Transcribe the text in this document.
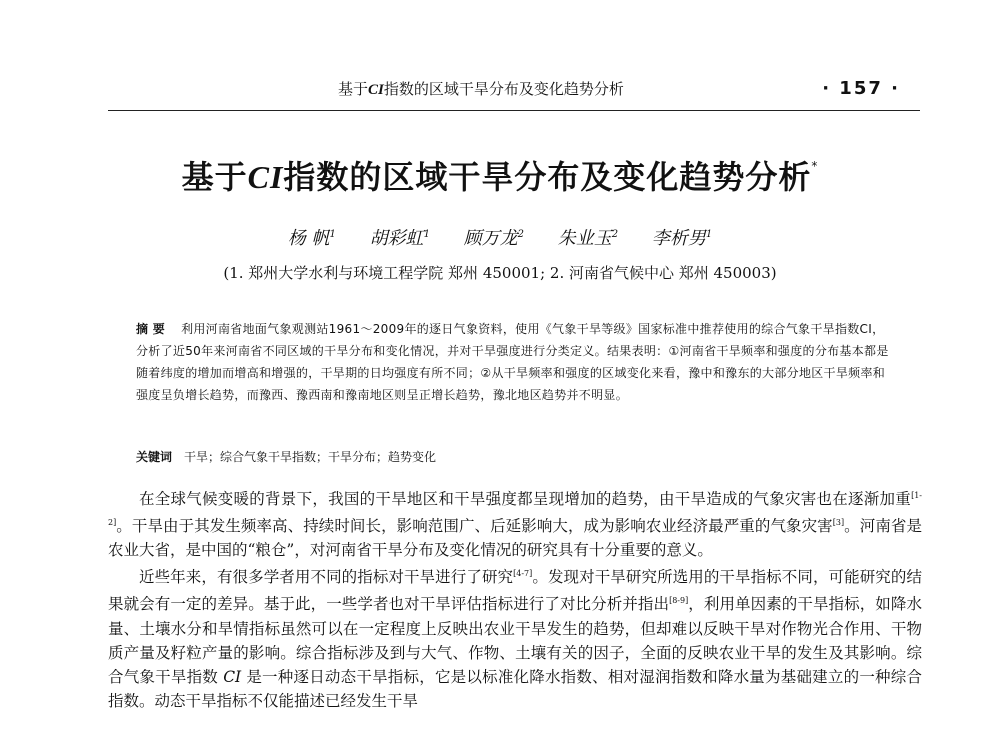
基于CI指数的区域干旱分布及变化趋势分析	· 157 ·
基于CI指数的区域干旱分布及变化趋势分析*
杨 帆$^1$ 胡彩虹$^1$ 顾万龙$^2$ 朱业玉$^2$ 李析男$^1$
(1. 郑州大学水利与环境工程学院 郑州 450001; 2. 河南省气候中心 郑州 450003)
摘 要 利用河南省地面气象观测站1961～2009年的逐日气象资料，使用《气象干旱等级》国家标准中推荐使用的综合气象干旱指数CI，分析了近50年来河南省不同区域的干旱分布和变化情况，并对干旱强度进行分类定义。结果表明：①河南省干旱频率和强度的分布基本都是随着纬度的增加而增高和增强的，干旱期的日均强度有所不同；②从干旱频率和强度的区域变化来看，豫中和豫东的大部分地区干旱频率和强度呈负增长趋势，而豫西、豫西南和豫南地区则呈正增长趋势，豫北地区趋势并不明显。
关键词 干旱；综合气象干旱指数；干旱分布；趋势变化

在全球气候变暖的背景下，我国的干旱地区和干旱强度都呈现增加的趋势，由干旱造成的气象灾害也在逐渐加重[1-2]。干旱由于其发生频率高、持续时间长，影响范围广、后延影响大，成为影响农业经济最严重的气象灾害[3]。河南省是农业大省，是中国的“粮仓”，对河南省干旱分布及变化情况的研究具有十分重要的意义。

近些年来，有很多学者用不同的指标对干旱进行了研究[4-7]。发现对干旱研究所选用的干旱指标不同，可能研究的结果就会有一定的差异。基于此，一些学者也对干旱评估指标进行了对比分析并指出[8-9]，利用单因素的干旱指标，如降水量、土壤水分和旱情指标虽然可以在一定程度上反映出农业干旱发生的趋势，但却难以反映干旱对作物光合作用、干物质产量及籽粒产量的影响。综合指标涉及到与大气、作物、土壤有关的因子，全面的反映农业干旱的发生及其影响。综合气象干旱指数 CI 是一种逐日动态干旱指标，它是以标准化降水指数、相对湿润指数和降水量为基础建立的一种综合指数。动态干旱指标不仅能描述已经发生干旱
